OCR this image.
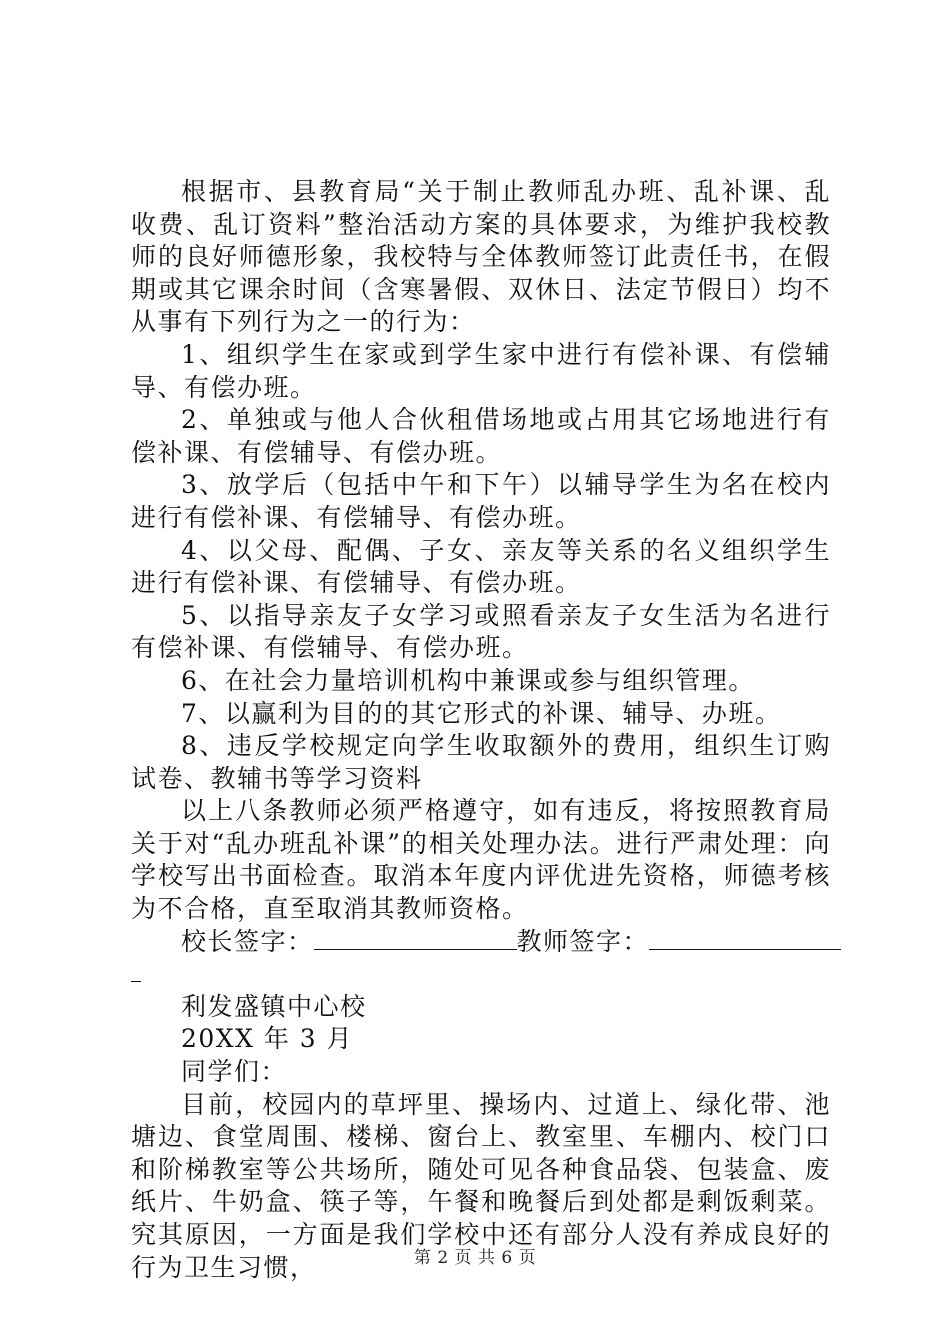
根据市、县教育局“关于制止教师乱办班、乱补课、乱收费、乱订资料”整治活动方案的具体要求，为维护我校教师的良好师德形象，我校特与全体教师签订此责任书，在假期或其它课余时间（含寒暑假、双休日、法定节假日）均不从事有下列行为之一的行为：

1、组织学生在家或到学生家中进行有偿补课、有偿辅导、有偿办班。

2、单独或与他人合伙租借场地或占用其它场地进行有偿补课、有偿辅导、有偿办班。

3、放学后（包括中午和下午）以辅导学生为名在校内进行有偿补课、有偿辅导、有偿办班。

4、以父母、配偶、子女、亲友等关系的名义组织学生进行有偿补课、有偿辅导、有偿办班。

5、以指导亲友子女学习或照看亲友子女生活为名进行有偿补课、有偿辅导、有偿办班。

6、在社会力量培训机构中兼课或参与组织管理。

7、以赢利为目的的其它形式的补课、辅导、办班。

8、违反学校规定向学生收取额外的费用，组织生订购试卷、教辅书等学习资料

以上八条教师必须严格遵守，如有违反，将按照教育局关于对“乱办班乱补课”的相关处理办法。进行严肃处理：向学校写出书面检查。取消本年度内评优进先资格，师德考核为不合格，直至取消其教师资格。

校长签字：	教师签字：

利发盛镇中心校

20XX 年 3 月

同学们：

目前，校园内的草坪里、操场内、过道上、绿化带、池塘边、食堂周围、楼梯、窗台上、教室里、车棚内、校门口和阶梯教室等公共场所，随处可见各种食品袋、包装盒、废纸片、牛奶盒、筷子等，午餐和晚餐后到处都是剩饭剩菜。究其原因，一方面是我们学校中还有部分人没有养成良好的行为卫生习惯，	第 2 页 共 6 页
